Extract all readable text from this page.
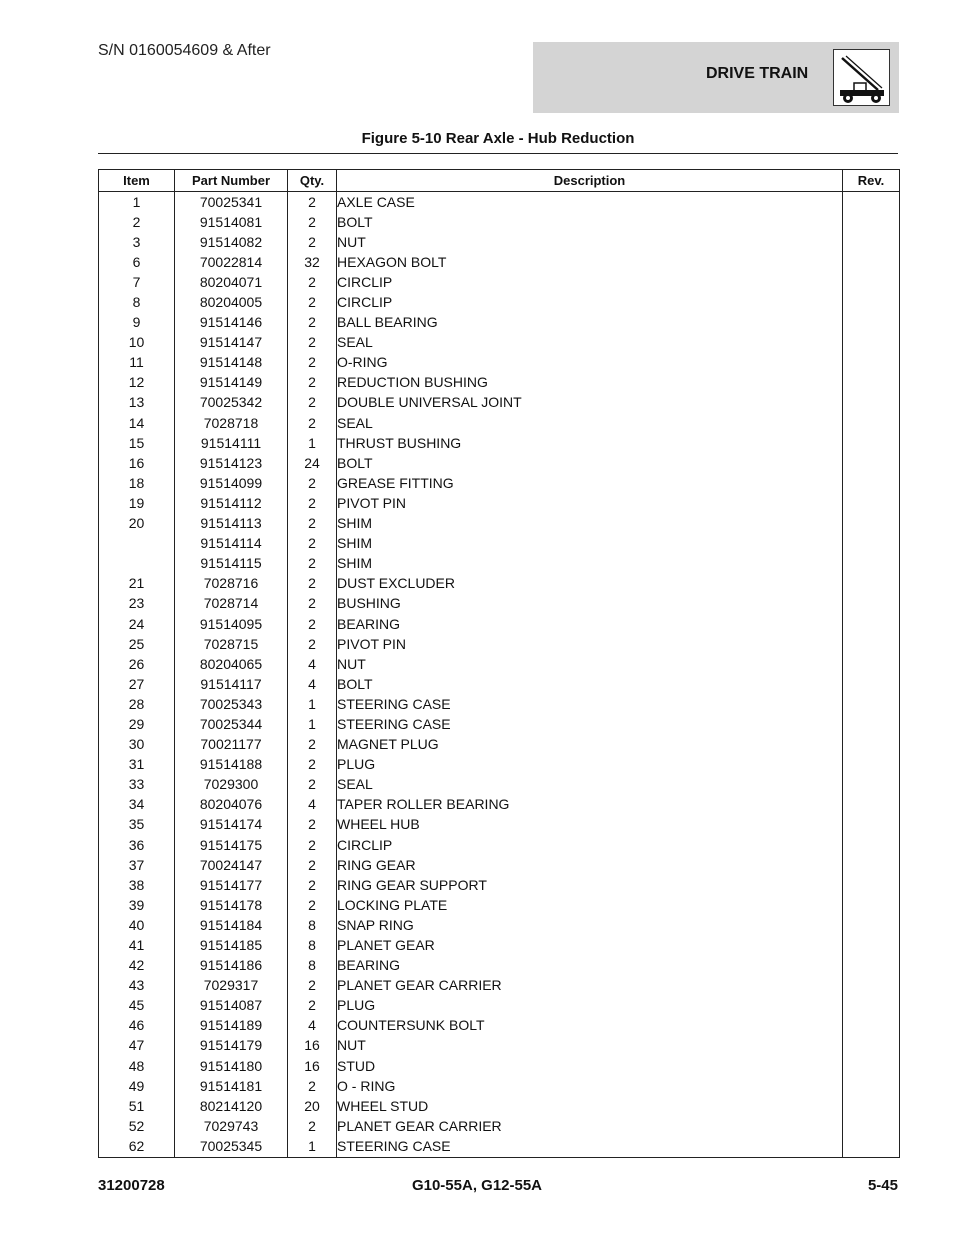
S/N 0160054609 & After
DRIVE TRAIN
Figure 5-10 Rear Axle - Hub Reduction
Item	Part Number	Qty.	Description	Rev.
1	70025341	2	AXLE CASE	
2	91514081	2	BOLT	
3	91514082	2	NUT	
6	70022814	32	HEXAGON BOLT	
7	80204071	2	CIRCLIP	
8	80204005	2	CIRCLIP	
9	91514146	2	BALL BEARING	
10	91514147	2	SEAL	
11	91514148	2	O-RING	
12	91514149	2	REDUCTION BUSHING	
13	70025342	2	DOUBLE UNIVERSAL JOINT	
14	7028718	2	SEAL	
15	91514111	1	THRUST BUSHING	
16	91514123	24	BOLT	
18	91514099	2	GREASE FITTING	
19	91514112	2	PIVOT PIN	
20	91514113	2	SHIM	
	91514114	2	SHIM	
	91514115	2	SHIM	
21	7028716	2	DUST EXCLUDER	
23	7028714	2	BUSHING	
24	91514095	2	BEARING	
25	7028715	2	PIVOT PIN	
26	80204065	4	NUT	
27	91514117	4	BOLT	
28	70025343	1	STEERING CASE	
29	70025344	1	STEERING CASE	
30	70021177	2	MAGNET PLUG	
31	91514188	2	PLUG	
33	7029300	2	SEAL	
34	80204076	4	TAPER ROLLER BEARING	
35	91514174	2	WHEEL HUB	
36	91514175	2	CIRCLIP	
37	70024147	2	RING GEAR	
38	91514177	2	RING GEAR SUPPORT	
39	91514178	2	LOCKING PLATE	
40	91514184	8	SNAP RING	
41	91514185	8	PLANET GEAR	
42	91514186	8	BEARING	
43	7029317	2	PLANET GEAR CARRIER	
45	91514087	2	PLUG	
46	91514189	4	COUNTERSUNK BOLT	
47	91514179	16	NUT	
48	91514180	16	STUD	
49	91514181	2	O - RING	
51	80214120	20	WHEEL STUD	
52	7029743	2	PLANET GEAR CARRIER	
62	70025345	1	STEERING CASE	
31200728	G10-55A, G12-55A	5-45
